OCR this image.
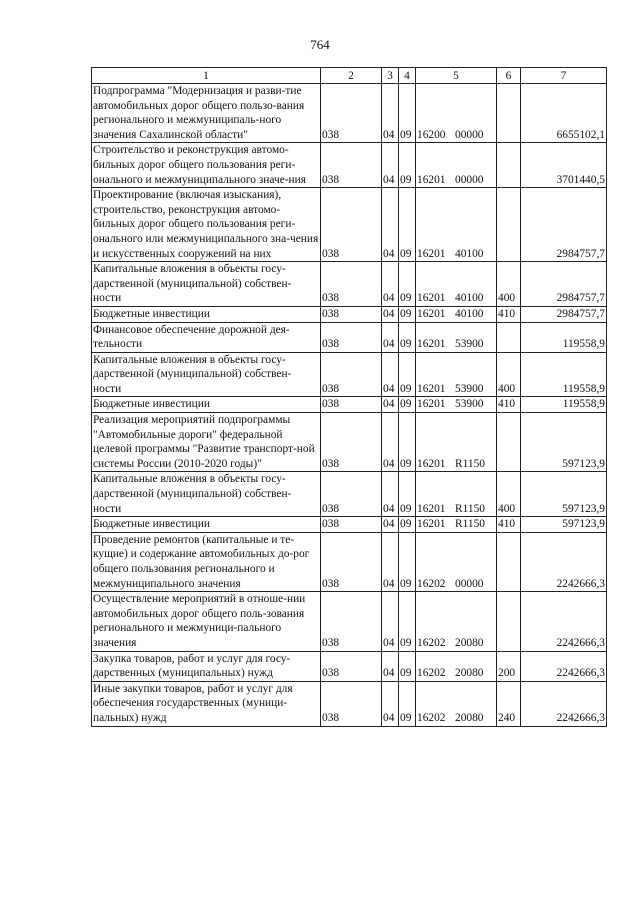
764
1	2	3	4	5	6	7
Подпрограмма "Модернизация и разви-тие автомобильных дорог общего пользо-вания регионального и межмуниципаль-ного значения Сахалинской области"	038	04	09	16200 00000		6655102,1
Строительство и реконструкция автомо-бильных дорог общего пользования реги-онального и межмуниципального значе-ния	038	04	09	16201 00000		3701440,5
Проектирование (включая изыскания), строительство, реконструкция автомо-бильных дорог общего пользования реги-онального или межмуниципального зна-чения и искусственных сооружений на них	038	04	09	16201 40100		2984757,7
Капитальные вложения в объекты госу-дарственной (муниципальной) собствен-ности	038	04	09	16201 40100	400	2984757,7
Бюджетные инвестиции	038	04	09	16201 40100	410	2984757,7
Финансовое обеспечение дорожной дея-тельности	038	04	09	16201 53900		119558,9
Капитальные вложения в объекты госу-дарственной (муниципальной) собствен-ности	038	04	09	16201 53900	400	119558,9
Бюджетные инвестиции	038	04	09	16201 53900	410	119558,9
Реализация мероприятий подпрограммы "Автомобильные дороги" федеральной целевой программы "Развитие транспорт-ной системы России (2010-2020 годы)"	038	04	09	16201 R1150		597123,9
Капитальные вложения в объекты госу-дарственной (муниципальной) собствен-ности	038	04	09	16201 R1150	400	597123,9
Бюджетные инвестиции	038	04	09	16201 R1150	410	597123,9
Проведение ремонтов (капитальные и те-кущие) и содержание автомобильных до-рог общего пользования регионального и межмуниципального значения	038	04	09	16202 00000		2242666,3
Осуществление мероприятий в отноше-нии автомобильных дорог общего поль-зования регионального и межмуници-пального значения	038	04	09	16202 20080		2242666,3
Закупка товаров, работ и услуг для госу-дарственных (муниципальных) нужд	038	04	09	16202 20080	200	2242666,3
Иные закупки товаров, работ и услуг для обеспечения государственных (муници-пальных) нужд	038	04	09	16202 20080	240	2242666,3
